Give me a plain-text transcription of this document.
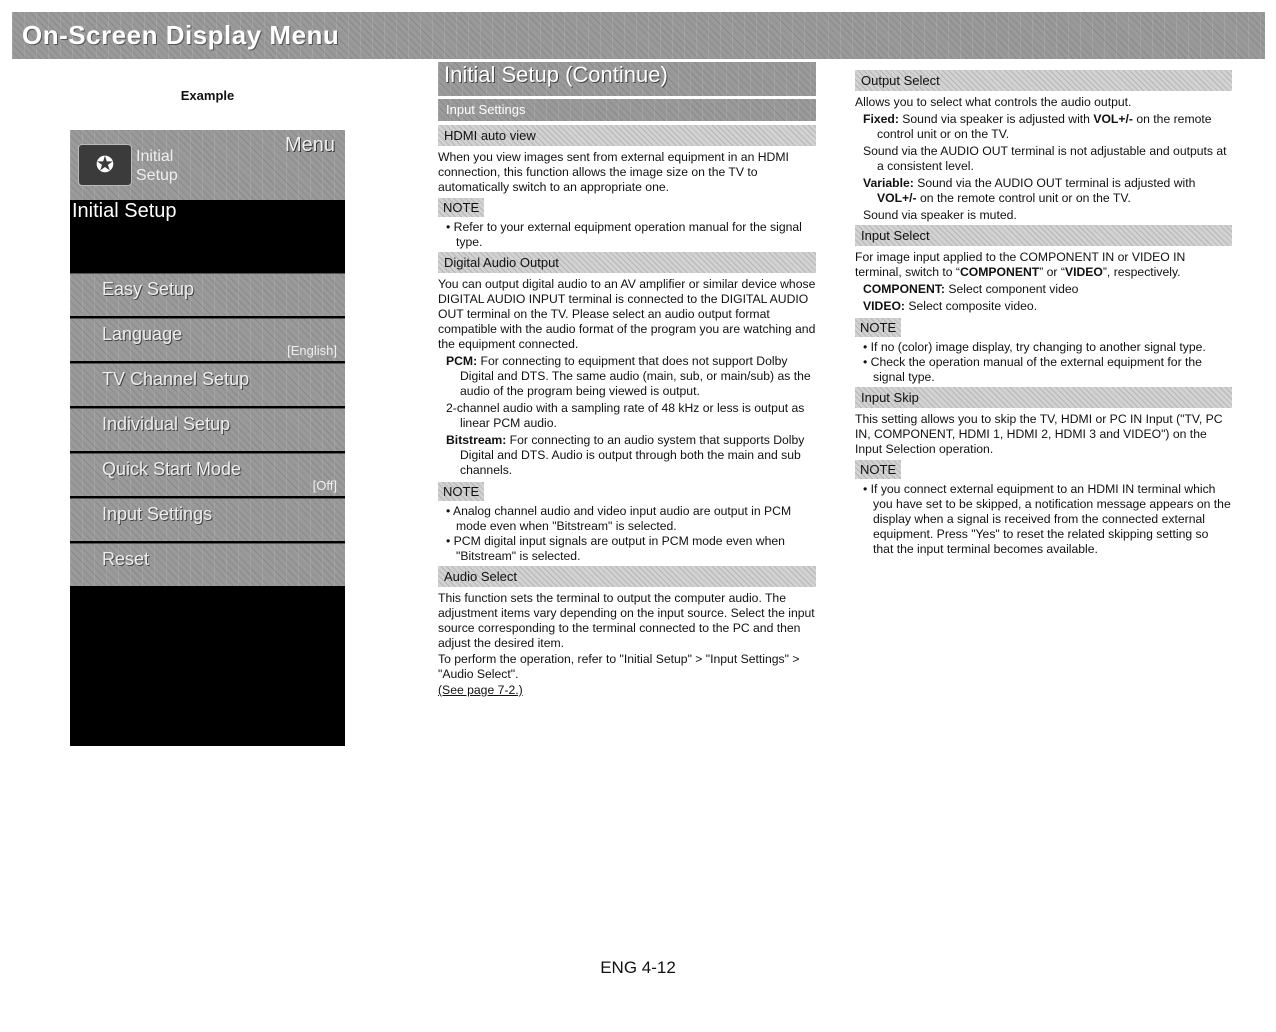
On-Screen Display Menu
Example
✪	Initial
Setup
Menu
Initial Setup
Easy Setup
Language
[English]
TV Channel Setup
Individual Setup
Quick Start Mode
[Off]
Input Settings
Reset
Initial Setup (Continue)
Input Settings
HDMI auto view

When you view images sent from external equipment in an HDMI connection, this function allows the image size on the TV to automatically switch to an appropriate one.

NOTE

• Refer to your external equipment operation manual for the signal type.

Digital Audio Output

You can output digital audio to an AV amplifier or similar device whose DIGITAL AUDIO INPUT terminal is connected to the DIGITAL AUDIO OUT terminal on the TV. Please select an audio output format compatible with the audio format of the program you are watching and the equipment connected.

PCM: For connecting to equipment that does not support Dolby Digital and DTS. The same audio (main, sub, or main/sub) as the audio of the program being viewed is output.

2-channel audio with a sampling rate of 48 kHz or less is output as linear PCM audio.

Bitstream: For connecting to an audio system that supports Dolby Digital and DTS. Audio is output through both the main and sub channels.

NOTE

• Analog channel audio and video input audio are output in PCM mode even when "Bitstream" is selected.

• PCM digital input signals are output in PCM mode even when "Bitstream" is selected.

Audio Select

This function sets the terminal to output the computer audio. The adjustment items vary depending on the input source. Select the input source corresponding to the terminal connected to the PC and then adjust the desired item.

To perform the operation, refer to "Initial Setup" > "Input Settings" > "Audio Select".

(See page 7-2.)

Output Select

Allows you to select what controls the audio output.

Fixed: Sound via speaker is adjusted with VOL+/- on the remote control unit or on the TV.

Sound via the AUDIO OUT terminal is not adjustable and outputs at a consistent level.

Variable: Sound via the AUDIO OUT terminal is adjusted with VOL+/- on the remote control unit or on the TV.

Sound via speaker is muted.

Input Select

For image input applied to the COMPONENT IN or VIDEO IN terminal, switch to “COMPONENT” or “VIDEO”, respectively.

COMPONENT: Select component video

VIDEO: Select composite video.

NOTE

• If no (color) image display, try changing to another signal type.

• Check the operation manual of the external equipment for the signal type.

Input Skip

This setting allows you to skip the TV, HDMI or PC IN Input ("TV, PC IN, COMPONENT, HDMI 1, HDMI 2, HDMI 3 and VIDEO") on the Input Selection operation.

NOTE

• If you connect external equipment to an HDMI IN terminal which you have set to be skipped, a notification message appears on the display when a signal is received from the connected external equipment. Press "Yes" to reset the related skipping setting so that the input terminal becomes available.

ENG 4-12
